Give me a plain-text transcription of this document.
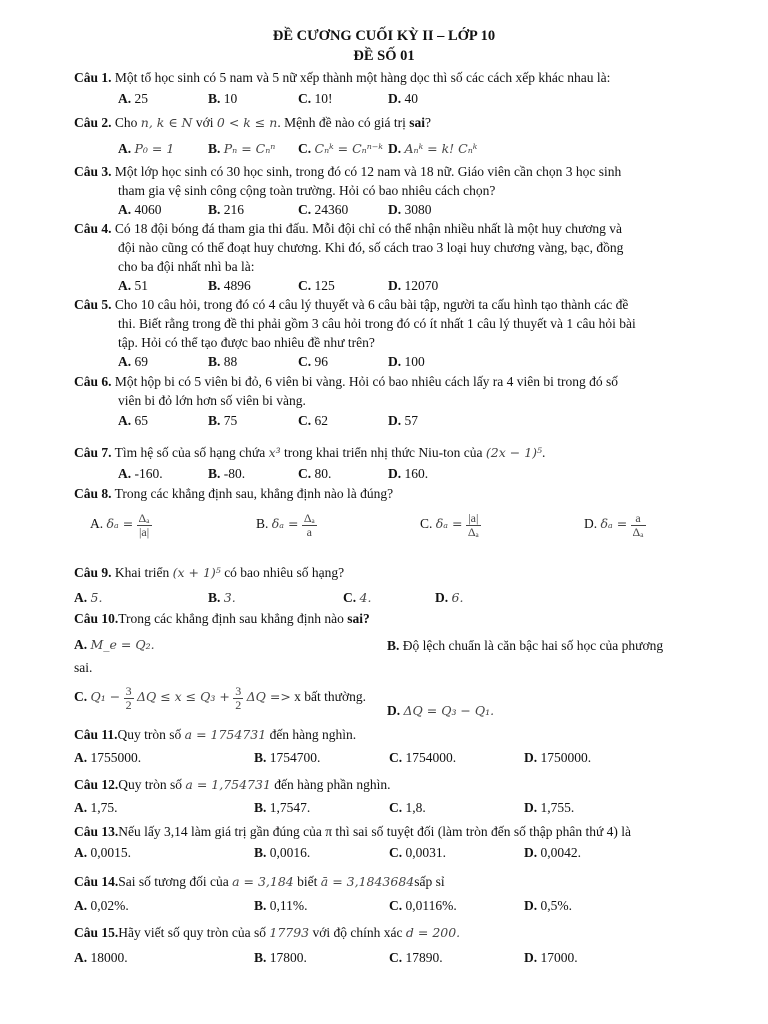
ĐỀ CƯƠNG CUỐI KỲ II – LỚP 10
ĐỀ SỐ 01
Câu 1. Một tổ học sinh có 5 nam và 5 nữ xếp thành một hàng dọc thì số các cách xếp khác nhau là:
A. 25	B. 10	C. 10!	D. 40
Câu 2. Cho n, k ∈ N với 0 < k ≤ n. Mệnh đề nào có giá trị sai?
A. P₀ = 1 B. Pₙ = Cₙⁿ C. Cₙᵏ = Cₙⁿ⁻ᵏ D. Aₙᵏ = k! Cₙᵏ
Câu 3. Một lớp học sinh có 30 học sinh, trong đó có 12 nam và 18 nữ. Giáo viên cần chọn 3 học sinh
tham gia vệ sinh công cộng toàn trường. Hỏi có bao nhiêu cách chọn?
A. 4060	B. 216	C. 24360	D. 3080
Câu 4. Có 18 đội bóng đá tham gia thi đấu. Mỗi đội chỉ có thể nhận nhiều nhất là một huy chương và
đội nào cũng có thể đoạt huy chương. Khi đó, số cách trao 3 loại huy chương vàng, bạc, đồng
cho ba đội nhất nhì ba là:
A. 51	B. 4896	C. 125	D. 12070
Câu 5. Cho 10 câu hỏi, trong đó có 4 câu lý thuyết và 6 câu bài tập, người ta cấu hình tạo thành các đề
thi. Biết rằng trong đề thi phải gồm 3 câu hỏi trong đó có ít nhất 1 câu lý thuyết và 1 câu hỏi bài
tập. Hỏi có thể tạo được bao nhiêu đề như trên?
A. 69	B. 88	C. 96	D. 100
Câu 6. Một hộp bi có 5 viên bi đỏ, 6 viên bi vàng. Hỏi có bao nhiêu cách lấy ra 4 viên bi trong đó số
viên bi đỏ lớn hơn số viên bi vàng.
A. 65	B. 75	C. 62	D. 57
Câu 7. Tìm hệ số của số hạng chứa x³ trong khai triển nhị thức Niu-ton của (2x − 1)⁵.
A. -160.	B. -80.	C. 80.	D. 160.
Câu 8. Trong các khẳng định sau, khẳng định nào là đúng?
A. $\delta_a = \frac{\text{Δₐ}}{|a|}$	B. $\delta_a = \frac{\text{Δₐ}}{a}$	C. $\delta_a = \frac{|a|}{\text{Δₐ}}$	D. $\delta_a = \frac{a}{\text{Δₐ}}$
Câu 9. Khai triển (x + 1)⁵ có bao nhiêu số hạng?
A. 5.	B. 3.	C. 4.	D. 6.
Câu 10.Trong các khẳng định sau khẳng định nào sai?
A. M_e = Q₂.	B. Độ lệch chuẩn là căn bậc hai số học của phương
sai.
C. $Q_1 - \frac{3}{2}$ $\Delta Q \le x \le Q_3 + \frac{3}{2}$ ΔQ => x bất thường.
D. ΔQ = Q₃ − Q₁.
Câu 11.Quy tròn số a = 1754731 đến hàng nghìn.
A. 1755000.	B. 1754700.	C. 1754000.	D. 1750000.
Câu 12.Quy tròn số a = 1,754731 đến hàng phần nghìn.
A. 1,75.	B. 1,7547.	C. 1,8.	D. 1,755.
Câu 13.Nếu lấy 3,14 làm giá trị gần đúng của π thì sai số tuyệt đối (làm tròn đến số thập phân thứ 4) là
A. 0,0015.	B. 0,0016.	C. 0,0031.	D. 0,0042.
Câu 14.Sai số tương đối của a = 3,184 biết ā = 3,1843684sấp sỉ
A. 0,02%.	B. 0,11%.	C. 0,0116%.	D. 0,5%.
Câu 15.Hãy viết số quy tròn của số 17793 với độ chính xác d = 200.
A. 18000.	B. 17800.	C. 17890.	D. 17000.
